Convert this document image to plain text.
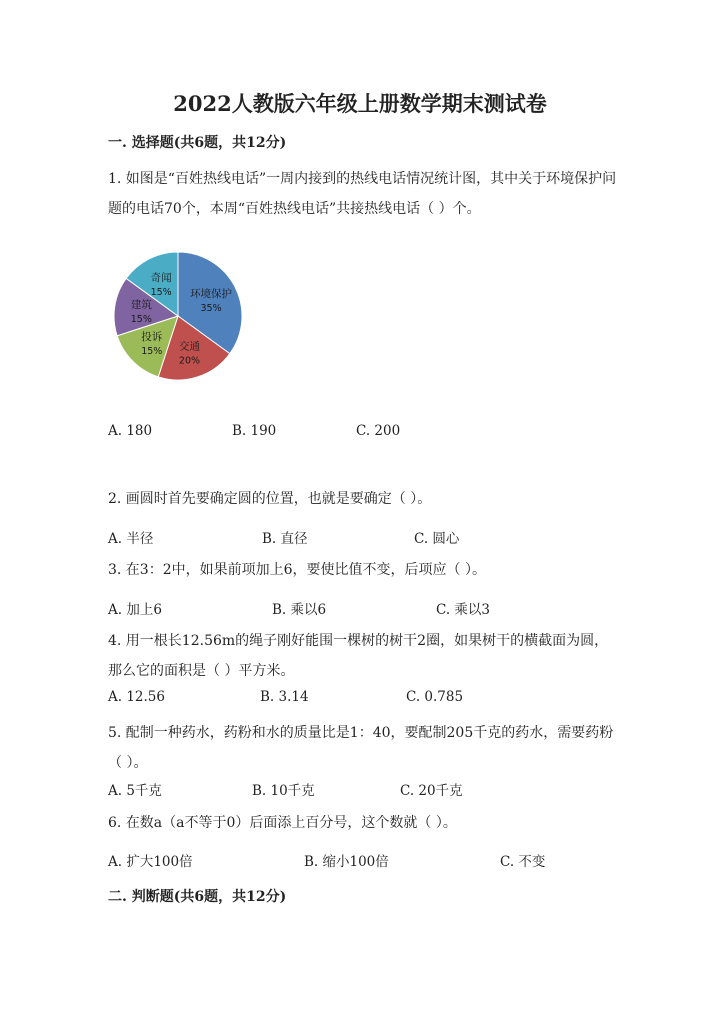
2022人教版六年级上册数学期末测试卷
一. 选择题(共6题，共12分)
1. 如图是“百姓热线电话”一周内接到的热线电话情况统计图，其中关于环境保护问题的电话70个，本周“百姓热线电话”共接热线电话（ ）个。
环境保护
35%
交通
20%
投诉
15%
建筑
15%
奇闻
15%
A. 180	B. 190	C. 200
2. 画圆时首先要确定圆的位置，也就是要确定（ ）。
A. 半径	B. 直径	C. 圆心
3. 在3：2中，如果前项加上6，要使比值不变，后项应（ ）。
A. 加上6	B. 乘以6	C. 乘以3
4. 用一根长12.56m的绳子刚好能围一棵树的树干2圈，如果树干的横截面为圆，那么它的面积是（ ）平方米。
A. 12.56	B. 3.14	C. 0.785
5. 配制一种药水，药粉和水的质量比是1：40，要配制205千克的药水，需要药粉（ ）。
A. 5千克	B. 10千克	C. 20千克
6. 在数a（a不等于0）后面添上百分号，这个数就（ ）。
A. 扩大100倍	B. 缩小100倍	C. 不变
二. 判断题(共6题，共12分)
